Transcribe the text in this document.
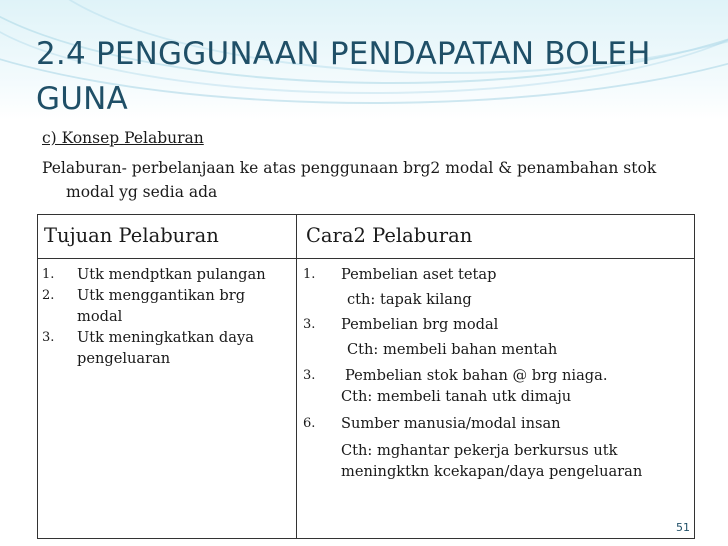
2.4 PENGGUNAAN PENDAPATAN BOLEH GUNA
c) Konsep Pelaburan
Pelaburan- perbelanjaan ke atas penggunaan brg2 modal & penambahan stok modal yg sedia ada
Tujuan Pelaburan	Cara2 Pelaburan
1. Utk mendptkan pulangan
2. Utk menggantikan brg modal
3. Utk meningkatkan daya pengeluaran
1. Pembelian aset tetap
cth: tapak kilang
3. Pembelian brg modal
Cth: membeli bahan mentah
3. Pembelian stok bahan @ brg niaga.
Cth: membeli tanah utk dimaju
6. Sumber manusia/modal insan
Cth: mghantar pekerja berkursus utk meningktkn kcekapan/daya pengeluaran
51
